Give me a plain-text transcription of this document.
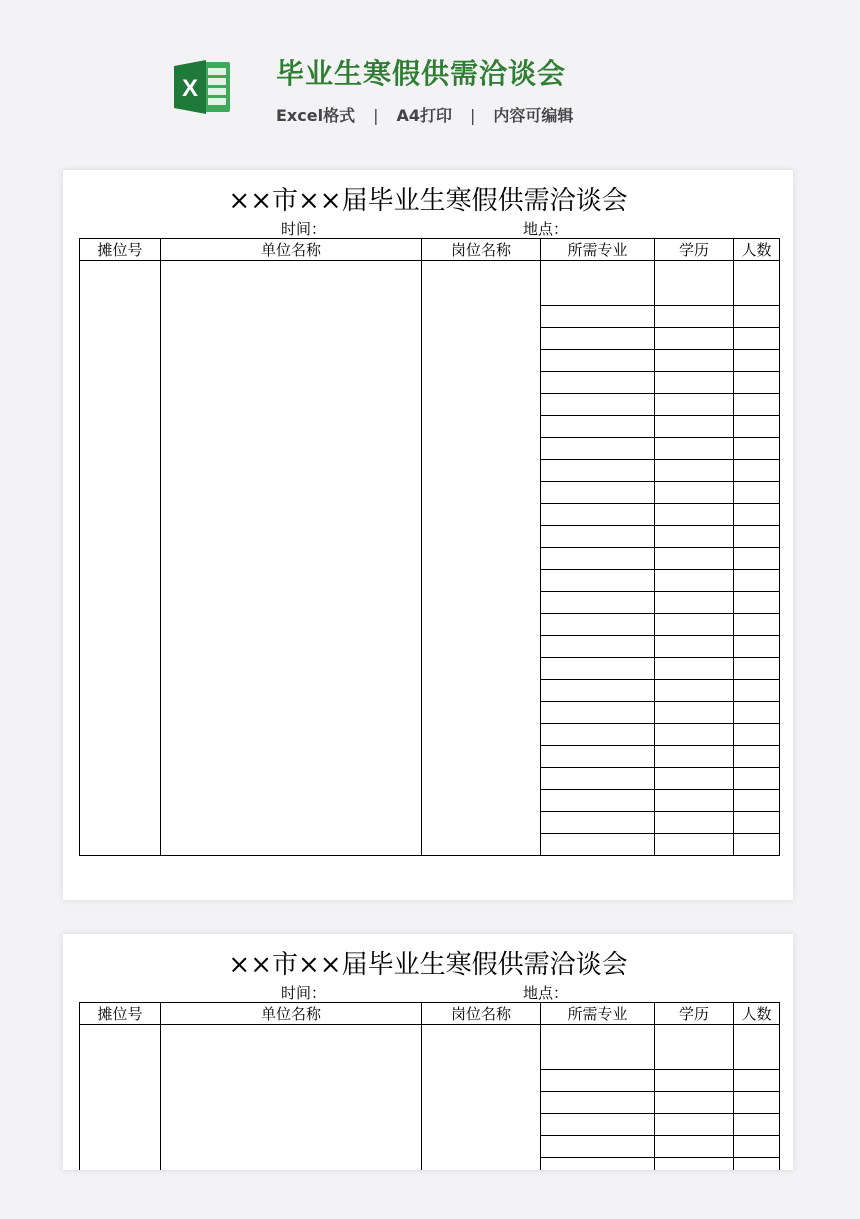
X	毕业生寒假供需洽谈会
Excel格式 | A4打印 | 内容可编辑
××市××届毕业生寒假供需洽谈会
时间：	地点：
摊位号	单位名称	岗位名称	所需专业	学历	人数

××市××届毕业生寒假供需洽谈会
时间：	地点：
摊位号	单位名称	岗位名称	所需专业	学历	人数
